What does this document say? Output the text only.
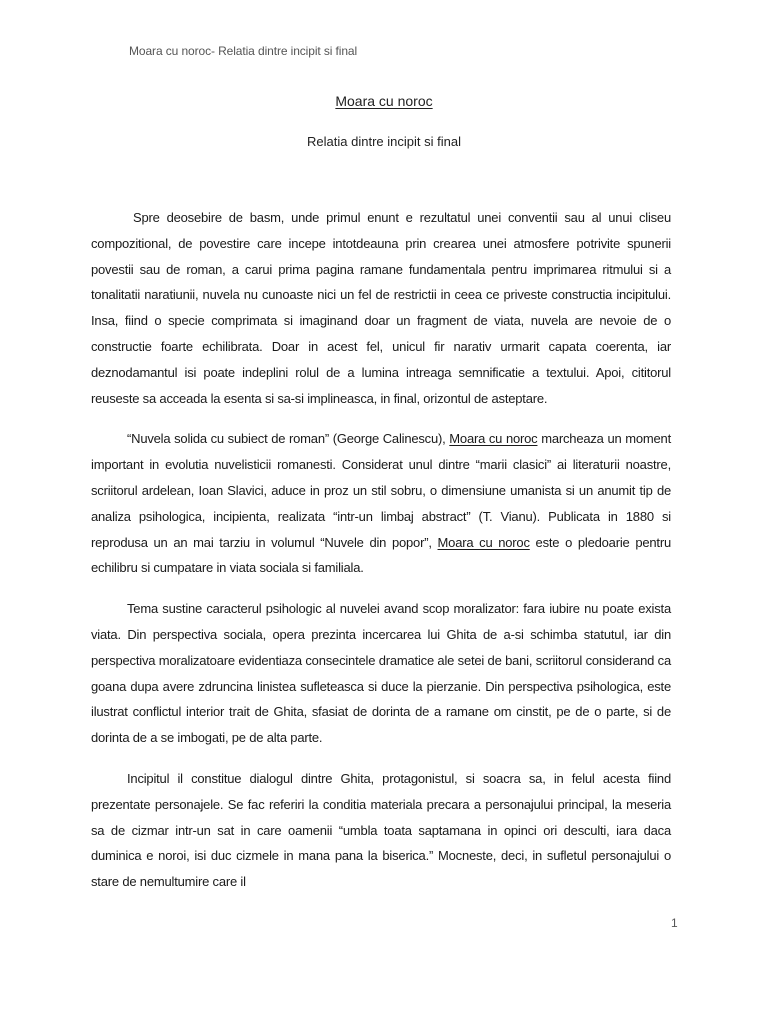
Moara cu noroc- Relatia dintre incipit si final
Moara cu noroc
Relatia dintre incipit si final

Spre deosebire de basm, unde primul enunt e rezultatul unei conventii sau al unui cliseu compozitional, de povestire care incepe intotdeauna prin crearea unei atmosfere potrivite spunerii povestii sau de roman, a carui prima pagina ramane fundamentala pentru imprimarea ritmului si a tonalitatii naratiunii, nuvela nu cunoaste nici un fel de restrictii in ceea ce priveste constructia incipitului. Insa, fiind o specie comprimata si imaginand doar un fragment de viata, nuvela are nevoie de o constructie foarte echilibrata. Doar in acest fel, unicul fir narativ urmarit capata coerenta, iar deznodamantul isi poate indeplini rolul de a lumina intreaga semnificatie a textului. Apoi, cititorul reuseste sa acceada la esenta si sa-si implineasca, in final, orizontul de asteptare.

“Nuvela solida cu subiect de roman” (George Calinescu), Moara cu noroc marcheaza un moment important in evolutia nuvelisticii romanesti. Considerat unul dintre “marii clasici” ai literaturii noastre, scriitorul ardelean, Ioan Slavici, aduce in proz un stil sobru, o dimensiune umanista si un anumit tip de analiza psihologica, incipienta, realizata “intr-un limbaj abstract” (T. Vianu). Publicata in 1880 si reprodusa un an mai tarziu in volumul “Nuvele din popor”, Moara cu noroc este o pledoarie pentru echilibru si cumpatare in viata sociala si familiala.

Tema sustine caracterul psihologic al nuvelei avand scop moralizator: fara iubire nu poate exista viata. Din perspectiva sociala, opera prezinta incercarea lui Ghita de a-si schimba statutul, iar din perspectiva moralizatoare evidentiaza consecintele dramatice ale setei de bani, scriitorul considerand ca goana dupa avere zdruncina linistea sufleteasca si duce la pierzanie. Din perspectiva psihologica, este ilustrat conflictul interior trait de Ghita, sfasiat de dorinta de a ramane om cinstit, pe de o parte, si de dorinta de a se imbogati, pe de alta parte.

Incipitul il constitue dialogul dintre Ghita, protagonistul, si soacra sa, in felul acesta fiind prezentate personajele. Se fac referiri la conditia materiala precara a personajului principal, la meseria sa de cizmar intr-un sat in care oamenii “umbla toata saptamana in opinci ori desculti, iara daca duminica e noroi, isi duc cizmele in mana pana la biserica.” Mocneste, deci, in sufletul personajului o stare de nemultumire care il

1
